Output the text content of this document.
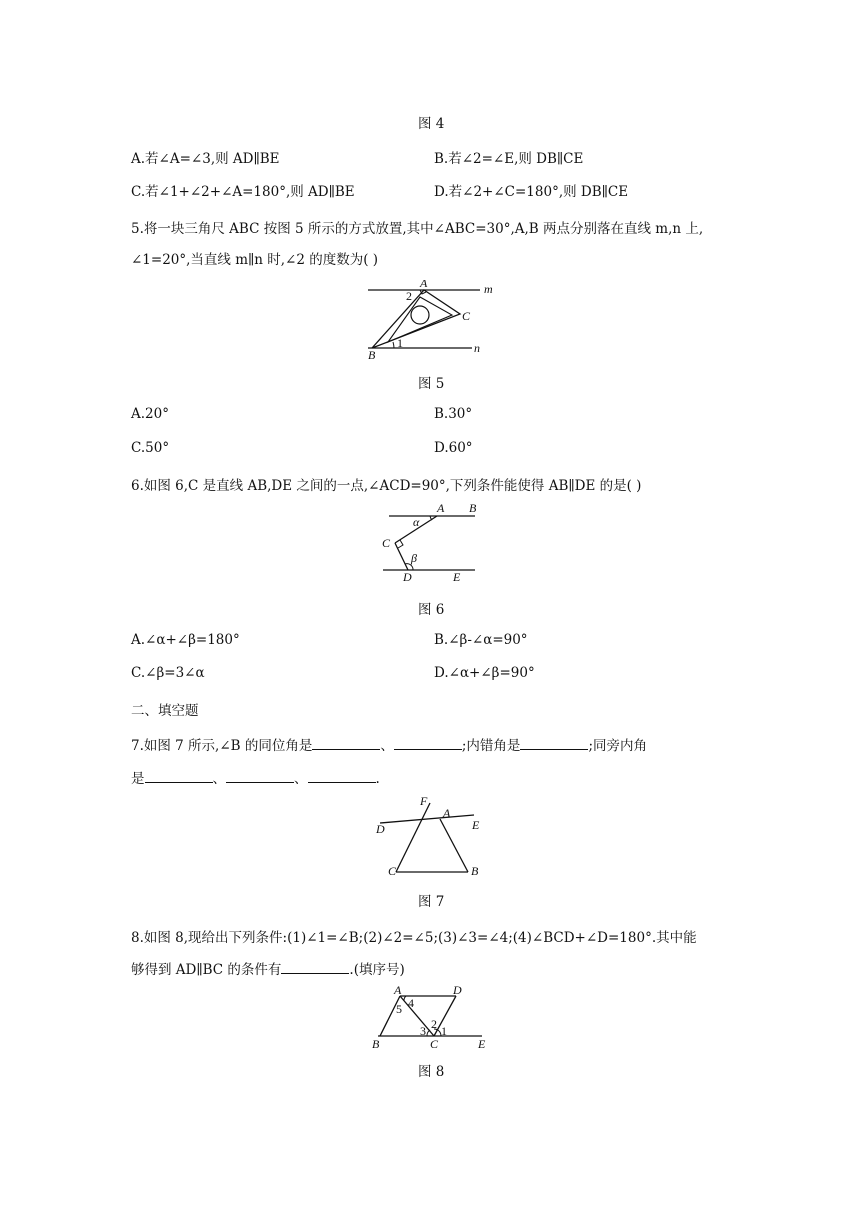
图 4
A.若∠A=∠3,则 AD∥BE	B.若∠2=∠E,则 DB∥CE
C.若∠1+∠2+∠A=180°,则 AD∥BE	D.若∠2+∠C=180°,则 DB∥CE
5.将一块三角尺 ABC 按图 5 所示的方式放置,其中∠ABC=30°,A,B 两点分别落在直线 m,n 上,
∠1=20°,当直线 m∥n 时,∠2 的度数为( )
A
C
B
m
n
1
2
图 5
A.20°	B.30°
C.50°	D.60°
6.如图 6,C 是直线 AB,DE 之间的一点,∠ACD=90°,下列条件能使得 AB∥DE 的是( )
A B
C
D	E
α
β
图 6
A.∠α+∠β=180°	B.∠β-∠α=90°
C.∠β=3∠α	D.∠α+∠β=90°
二、填空题
7.如图 7 所示,∠B 的同位角是	、	;内错角是	;同旁内角
是	、	、	.
F
A
D	E
C	B
图 7
8.如图 8,现给出下列条件:(1)∠1=∠B;(2)∠2=∠5;(3)∠3=∠4;(4)∠BCD+∠D=180°.其中能
够得到 AD∥BC 的条件有	.(填序号)
A	D
B	C	E
4
5
2
3 1
图 8
